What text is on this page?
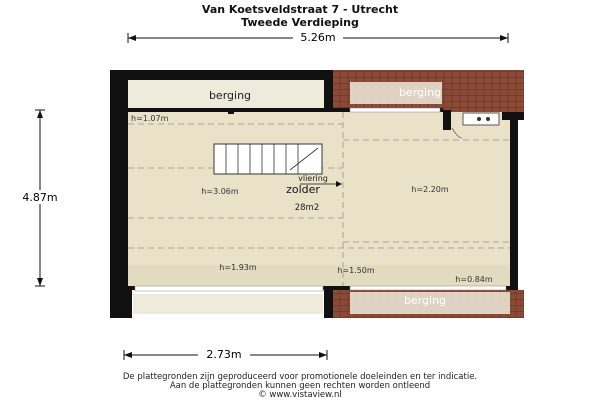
Van Koetsveldstraat 7 - Utrecht
Tweede Verdieping
5.26m
4.87m
2.73m
berging	berging
berging
vliering
zolder
28m2
h=1.07m
h=3.06m	h=2.20m
h=1.93m	h=1.50m
h=0.84m
De plattegronden zijn geproduceerd voor promotionele doeleinden en ter indicatie.
Aan de plattegronden kunnen geen rechten worden ontleend
© www.vistaview.nl
